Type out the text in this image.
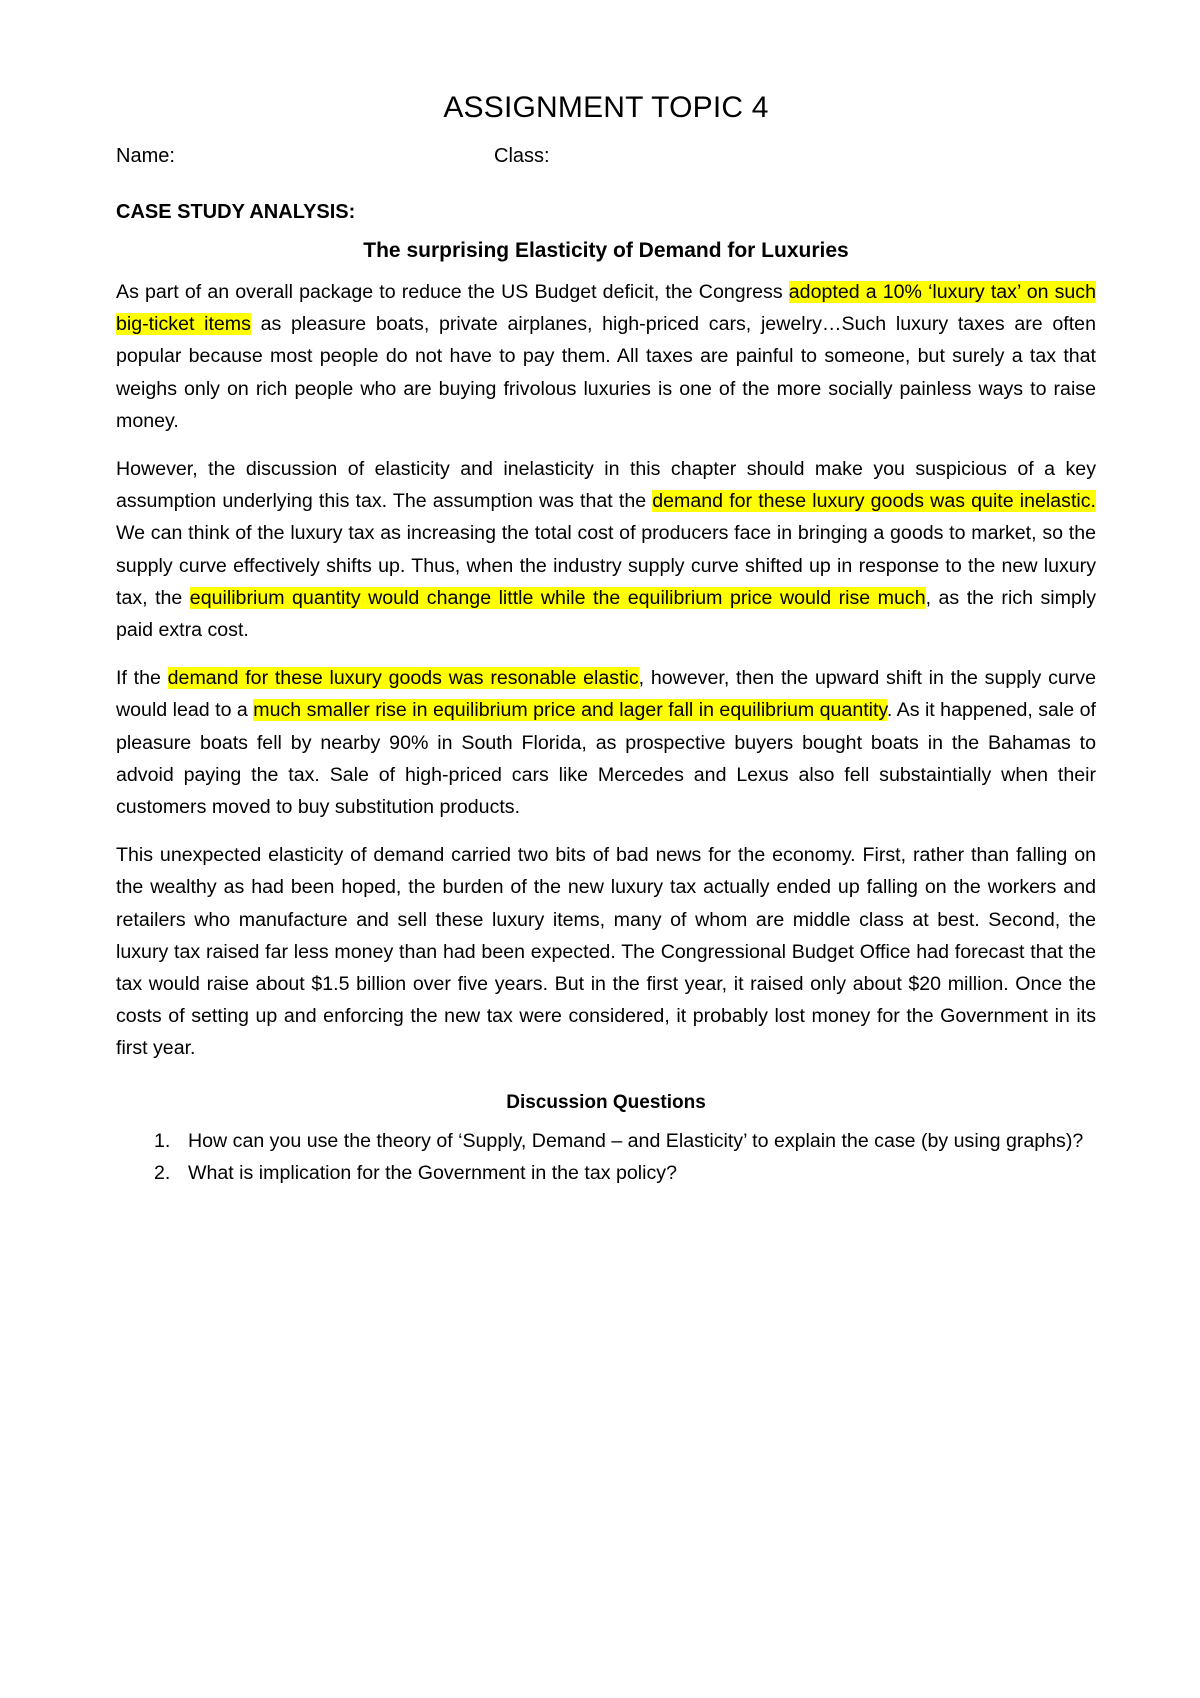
ASSIGNMENT TOPIC 4
Name:	Class:
CASE STUDY ANALYSIS:
The surprising Elasticity of Demand for Luxuries

As part of an overall package to reduce the US Budget deficit, the Congress adopted a 10% ‘luxury tax’ on such big-ticket items as pleasure boats, private airplanes, high-priced cars, jewelry…Such luxury taxes are often popular because most people do not have to pay them. All taxes are painful to someone, but surely a tax that weighs only on rich people who are buying frivolous luxuries is one of the more socially painless ways to raise money.

However, the discussion of elasticity and inelasticity in this chapter should make you suspicious of a key assumption underlying this tax. The assumption was that the demand for these luxury goods was quite inelastic. We can think of the luxury tax as increasing the total cost of producers face in bringing a goods to market, so the supply curve effectively shifts up. Thus, when the industry supply curve shifted up in response to the new luxury tax, the equilibrium quantity would change little while the equilibrium price would rise much, as the rich simply paid extra cost.

If the demand for these luxury goods was resonable elastic, however, then the upward shift in the supply curve would lead to a much smaller rise in equilibrium price and lager fall in equilibrium quantity. As it happened, sale of pleasure boats fell by nearby 90% in South Florida, as prospective buyers bought boats in the Bahamas to advoid paying the tax. Sale of high-priced cars like Mercedes and Lexus also fell substaintially when their customers moved to buy substitution products.

This unexpected elasticity of demand carried two bits of bad news for the economy. First, rather than falling on the wealthy as had been hoped, the burden of the new luxury tax actually ended up falling on the workers and retailers who manufacture and sell these luxury items, many of whom are middle class at best. Second, the luxury tax raised far less money than had been expected. The Congressional Budget Office had forecast that the tax would raise about $1.5 billion over five years. But in the first year, it raised only about $20 million. Once the costs of setting up and enforcing the new tax were considered, it probably lost money for the Government in its first year.

Discussion Questions
1. How can you use the theory of ‘Supply, Demand – and Elasticity’ to explain the case (by using graphs)?
2. What is implication for the Government in the tax policy?
